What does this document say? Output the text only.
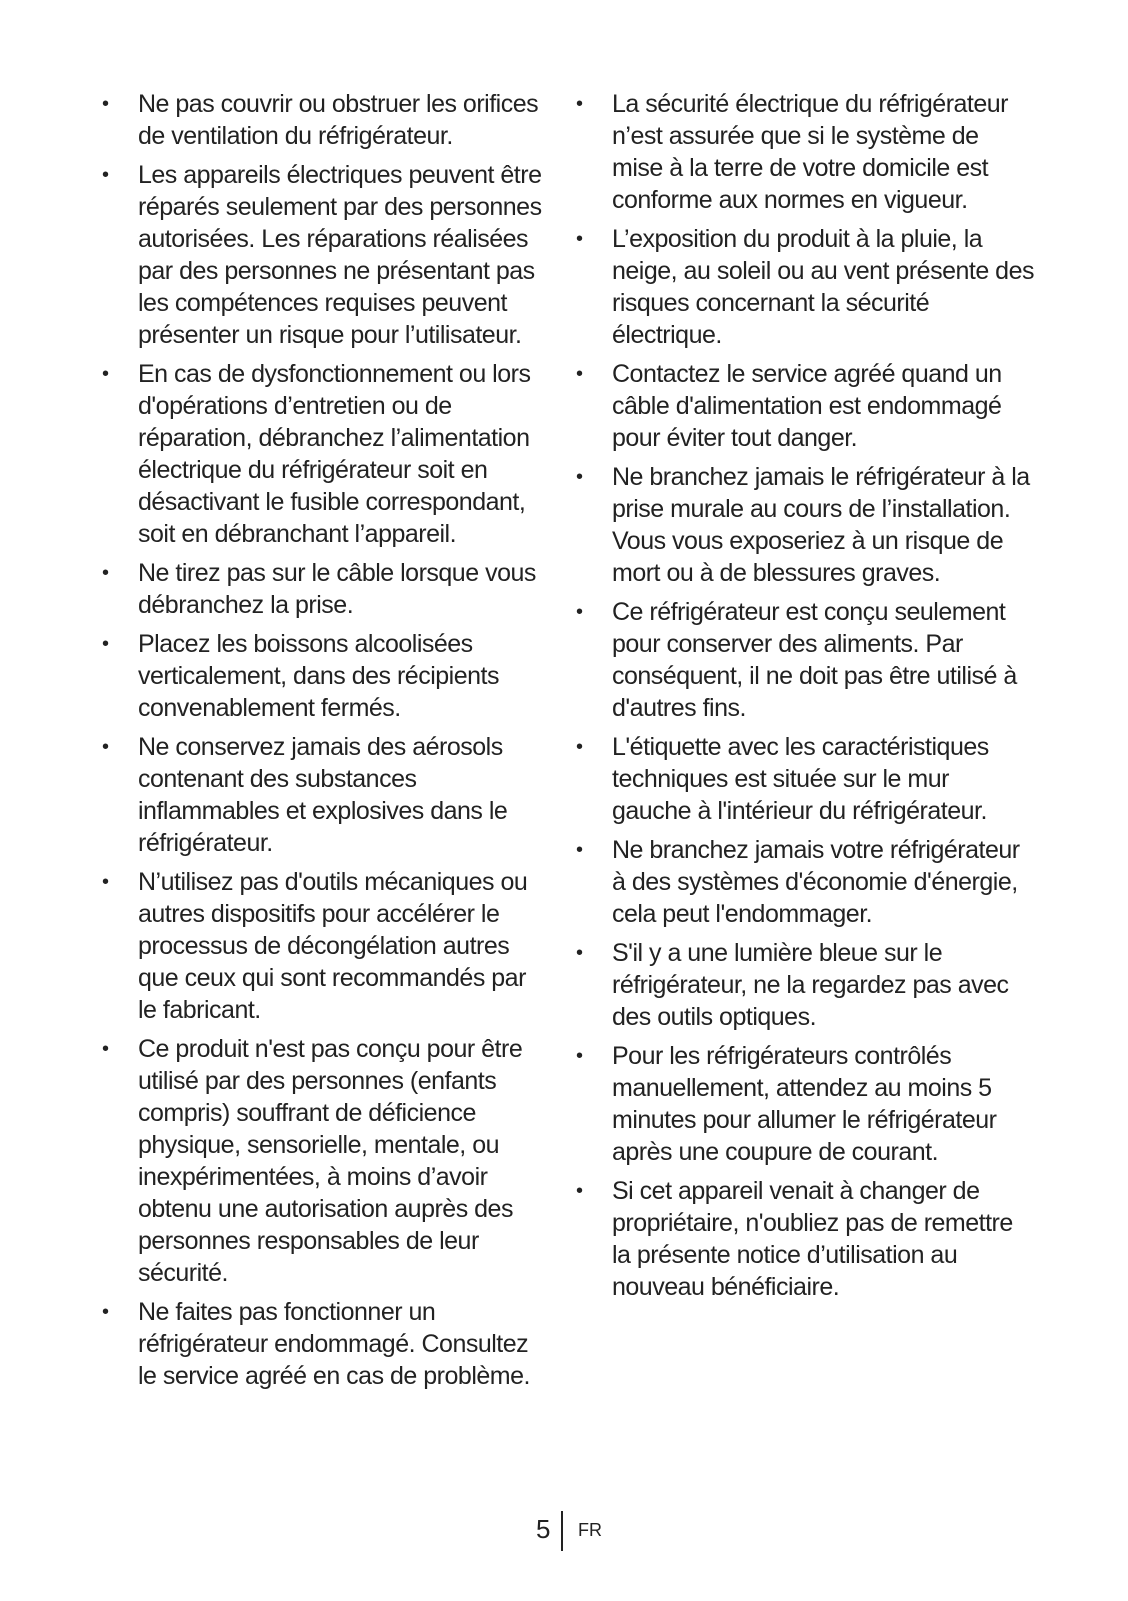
• Ne pas couvrir ou obstruer les orifices de ventilation du réfrigérateur.
• Les appareils électriques peuvent être réparés seulement par des personnes autorisées. Les réparations réalisées par des personnes ne présentant pas les compétences requises peuvent présenter un risque pour l’utilisateur.
• En cas de dysfonctionnement ou lors d'opérations d’entretien ou de réparation, débranchez l’alimentation électrique du réfrigérateur soit en désactivant le fusible correspondant, soit en débranchant l’appareil.
• Ne tirez pas sur le câble lorsque vous débranchez la prise.
• Placez les boissons alcoolisées verticalement, dans des récipients convenablement fermés.
• Ne conservez jamais des aérosols contenant des substances inflammables et explosives dans le réfrigérateur.
• N’utilisez pas d'outils mécaniques ou autres dispositifs pour accélérer le processus de décongélation autres que ceux qui sont recommandés par le fabricant.
• Ce produit n'est pas conçu pour être utilisé par des personnes (enfants compris) souffrant de déficience physique, sensorielle, mentale, ou inexpérimentées, à moins d’avoir obtenu une autorisation auprès des personnes responsables de leur sécurité.
• Ne faites pas fonctionner un réfrigérateur endommagé. Consultez le service agréé en cas de problème.
• La sécurité électrique du réfrigérateur n’est assurée que si le système de mise à la terre de votre domicile est conforme aux normes en vigueur.
• L’exposition du produit à la pluie, la neige, au soleil ou au vent présente des risques concernant la sécurité électrique.
• Contactez le service agréé quand un câble d'alimentation est endommagé pour éviter tout danger.
• Ne branchez jamais le réfrigérateur à la prise murale au cours de l’installation. Vous vous exposeriez à un risque de mort ou à de blessures graves.
• Ce réfrigérateur est conçu seulement pour conserver des aliments. Par conséquent, il ne doit pas être utilisé à d'autres fins.
• L'étiquette avec les caractéristiques techniques est située sur le mur gauche à l'intérieur du réfrigérateur.
• Ne branchez jamais votre réfrigérateur à des systèmes d'économie d'énergie, cela peut l'endommager.
• S'il y a une lumière bleue sur le réfrigérateur, ne la regardez pas avec des outils optiques.
• Pour les réfrigérateurs contrôlés manuellement, attendez au moins 5 minutes pour allumer le réfrigérateur après une coupure de courant.
• Si cet appareil venait à changer de propriétaire, n'oubliez pas de remettre la présente notice d’utilisation au nouveau bénéficiaire.
5 FR
